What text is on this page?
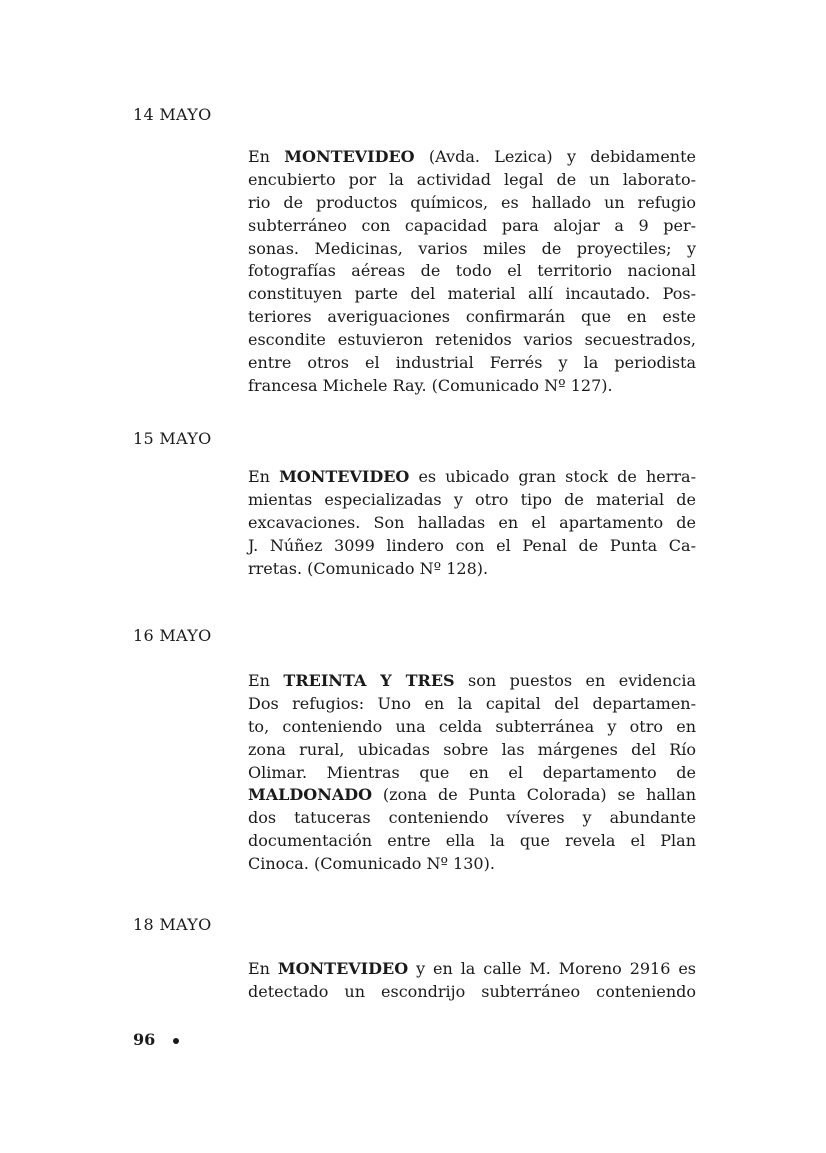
14 MAYO
En MONTEVIDEO (Avda. Lezica) y debidamente
encubierto por la actividad legal de un laborato-
rio de productos químicos, es hallado un refugio
subterráneo con capacidad para alojar a 9 per-
sonas. Medicinas, varios miles de proyectiles; y
fotografías aéreas de todo el territorio nacional
constituyen parte del material allí incautado. Pos-
teriores averiguaciones confirmarán que en este
escondite estuvieron retenidos varios secuestrados,
entre otros el industrial Ferrés y la periodista
francesa Michele Ray. (Comunicado Nº 127).
15 MAYO
En MONTEVIDEO es ubicado gran stock de herra-
mientas especializadas y otro tipo de material de
excavaciones. Son halladas en el apartamento de
J. Núñez 3099 lindero con el Penal de Punta Ca-
rretas. (Comunicado Nº 128).
16 MAYO
En TREINTA Y TRES son puestos en evidencia
Dos refugios: Uno en la capital del departamen-
to, conteniendo una celda subterránea y otro en
zona rural, ubicadas sobre las márgenes del Río
Olimar. Mientras que en el departamento de
MALDONADO (zona de Punta Colorada) se hallan
dos tatuceras conteniendo víveres y abundante
documentación entre ella la que revela el Plan
Cinoca. (Comunicado Nº 130).
18 MAYO
En MONTEVIDEO y en la calle M. Moreno 2916 es
detectado un escondrijo subterráneo conteniendo
96
